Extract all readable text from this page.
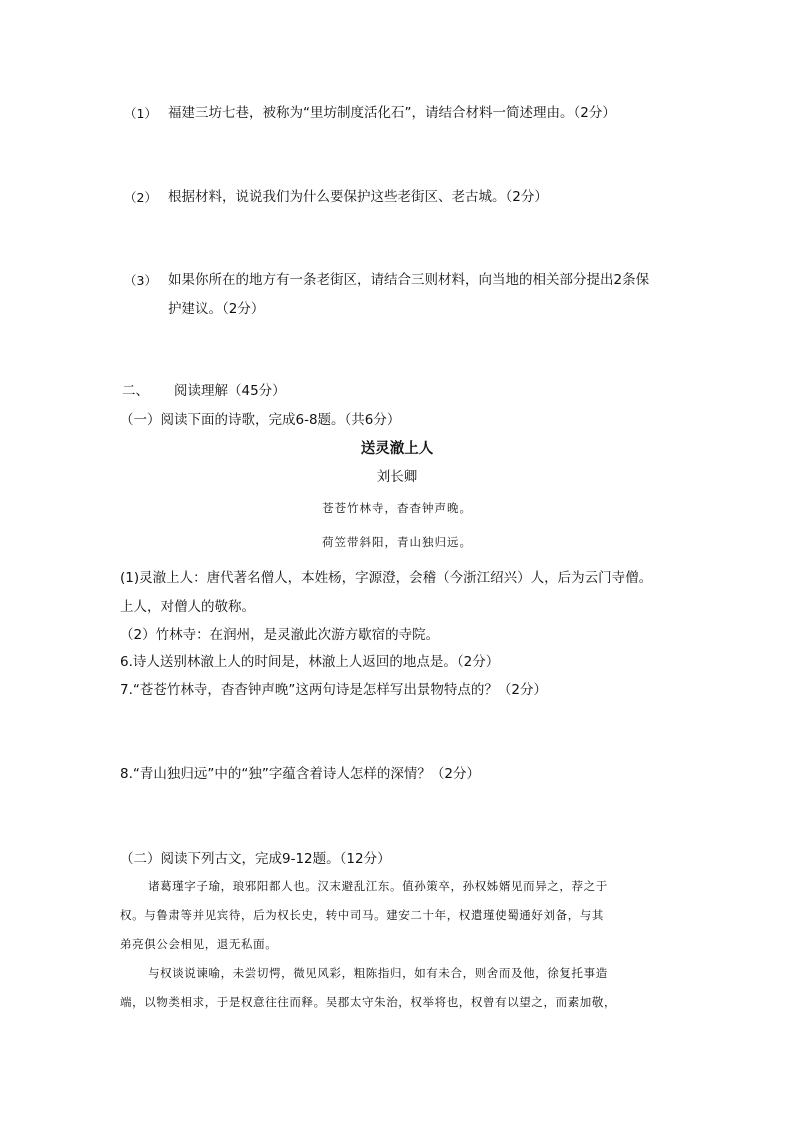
（1） 福建三坊七巷，被称为“里坊制度活化石”，请结合材料一简述理由。（2分）
（2） 根据材料，说说我们为什么要保护这些老街区、老古城。（2分）
（3） 如果你所在的地方有一条老街区，请结合三则材料，向当地的相关部分提出2条保
护建议。（2分）
二、 阅读理解（45分）
（一）阅读下面的诗歌，完成6-8题。（共6分）
送灵澈上人
刘长卿
苍苍竹林寺，杳杳钟声晚。
荷笠带斜阳，青山独归远。
(1)灵澈上人：唐代著名僧人，本姓杨，字源澄，会稽（今浙江绍兴）人，后为云门寺僧。
上人，对僧人的敬称。
（2）竹林寺：在润州，是灵澈此次游方歇宿的寺院。
6.诗人送别林澈上人的时间是，林澈上人返回的地点是。（2分）
7.“苍苍竹林寺，杳杳钟声晚”这两句诗是怎样写出景物特点的？（2分）
8.“青山独归远”中的“独”字蕴含着诗人怎样的深情？（2分）
（二）阅读下列古文，完成9-12题。（12分）
诸葛瑾字子瑜，琅邪阳都人也。汉末避乱江东。值孙策卒，孙权姊婿见而异之，荐之于
权。与鲁肃等并见宾待，后为权长史，转中司马。建安二十年，权遣瑾使蜀通好刘备，与其
弟亮俱公会相见，退无私面。
与权谈说谏喻，未尝切愕，微见风彩，粗陈指归，如有未合，则舍而及他，徐复托事造
端，以物类相求，于是权意往往而释。吴郡太守朱治，权举将也，权曾有以望之，而素加敬，
